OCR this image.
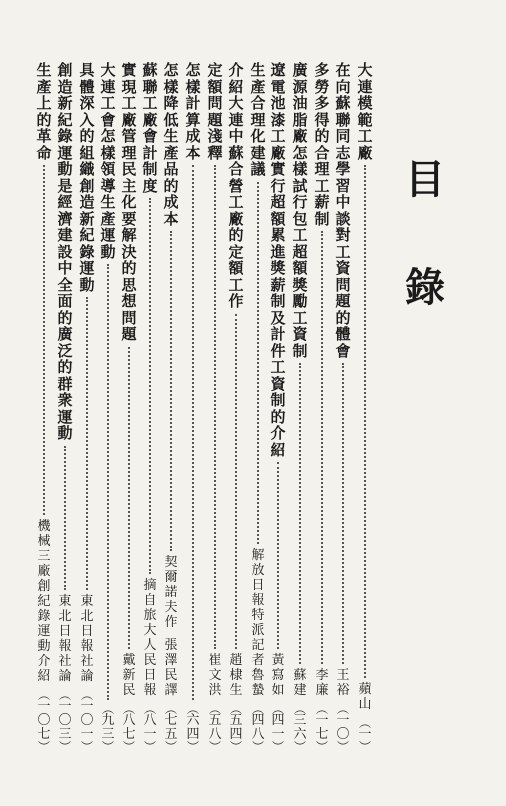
目
錄
大
連
模
範
工
廠
蘋
山
︵
一
︶
在
向
蘇
聯
同
志
學
習
中
談
對
工
資
問
題
的
體
會
王
裕
︵
一
〇
︶
多
勞
多
得
的
合
理
工
薪
制
李
廉
︵
一
七
︶
廣
源
油
脂
廠
怎
樣
試
行
包
工
超
額
獎
勵
工
資
制
蘇
建
︵
三
六
︶
遼
電
池
漆
工
廠
實
行
超
額
累
進
獎
薪
制
及
計
件
工
資
制
的
介
紹
黃
寫
如
︵
四
一
︶
生
產
合
理
化
建
議
解
放
日
報
特
派
記
者
魯
蟄
︵
四
八
︶
介
紹
大
連
中
蘇
合
營
工
廠
的
定
額
工
作
趙
棣
生
︵
五
四
︶
定
額
問
題
淺
釋
崔
文
洪
︵
五
八
︶
怎
樣
計
算
成
本
︵
六
四
︶
怎
樣
降
低
生
產
品
的
成
本
契
爾
諾
夫
作
張
澤
民
譯
︵
七
五
︶
蘇
聯
工
廠
會
計
制
度
摘
自
旅
大
人
民
日
報
︵
八
一
︶
實
現
工
廠
管
理
民
主
化
要
解
決
的
思
想
問
題
戴
新
民
︵
八
七
︶
大
連
工
會
怎
樣
領
導
生
產
運
動
︵
九
三
︶
具
體
深
入
的
組
織
創
造
新
紀
錄
運
動
東
北
日
報
社
論
︵
一
〇
一
︶
創
造
新
紀
錄
運
動
是
經
濟
建
設
中
全
面
的
廣
泛
的
群
衆
運
動
東
北
日
報
社
論
︵
一
〇
三
︶
生
產
上
的
革
命
機
械
三
廠
創
紀
錄
運
動
介
紹
︵
一
〇
七
︶
